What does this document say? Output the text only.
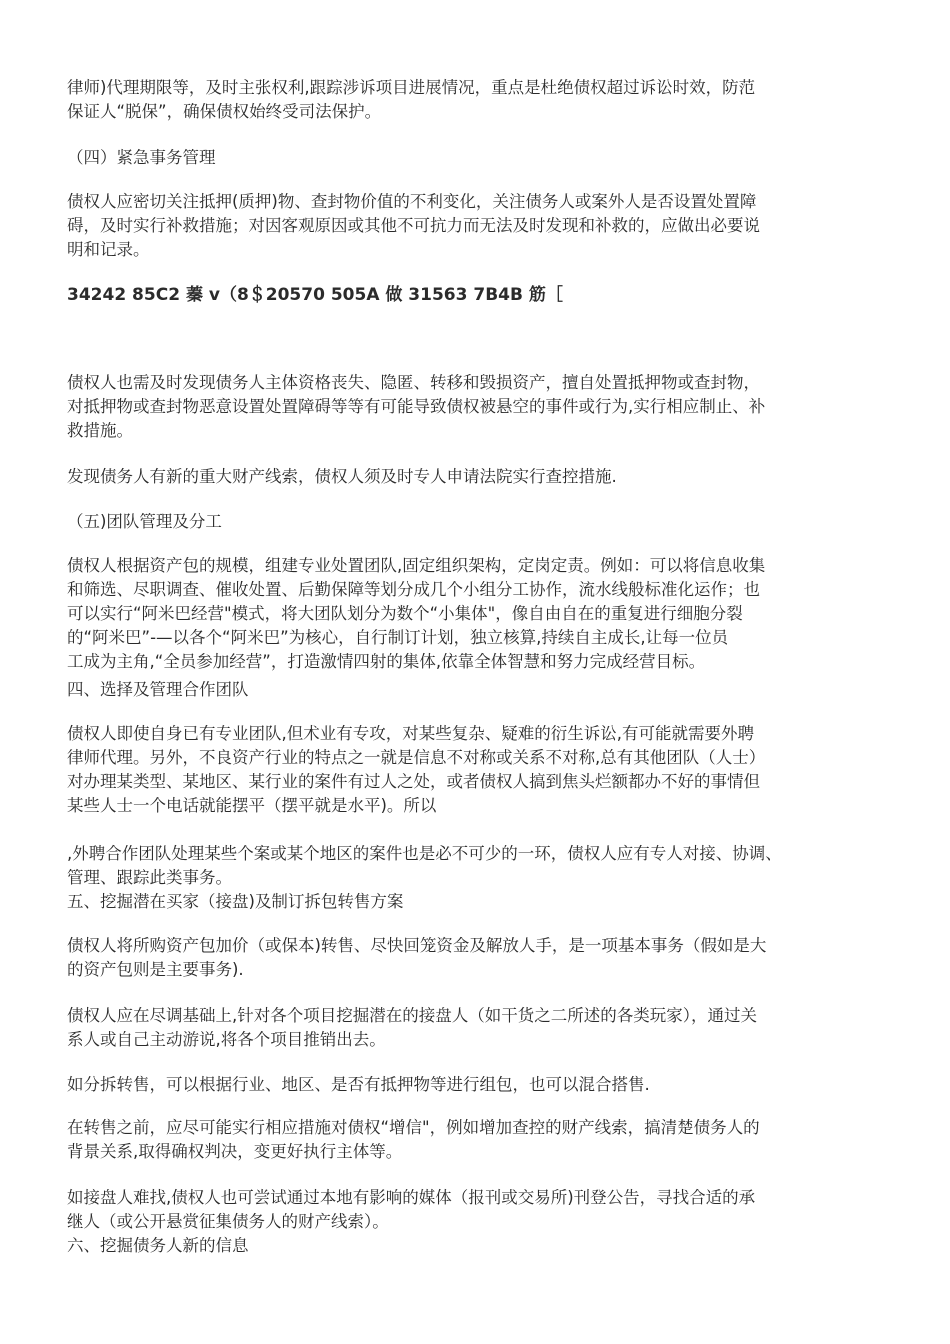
律师)代理期限等，及时主张权利,跟踪涉诉项目进展情况，重点是杜绝债权超过诉讼时效，防范
保证人“脱保”，确保债权始终受司法保护。
（四）紧急事务管理
债权人应密切关注抵押(质押)物、查封物价值的不利变化，关注债务人或案外人是否设置处置障
碍，及时实行补救措施；对因客观原因或其他不可抗力而无法及时发现和补救的，应做出必要说
明和记录。
34242 85C2 蓁 v（8＄20570 505A 做 31563 7B4B 筋［
债权人也需及时发现债务人主体资格丧失、隐匿、转移和毁损资产，擅自处置抵押物或查封物，
对抵押物或查封物恶意设置处置障碍等等有可能导致债权被悬空的事件或行为,实行相应制止、补
救措施。
发现债务人有新的重大财产线索，债权人须及时专人申请法院实行查控措施.
（五)团队管理及分工
债权人根据资产包的规模，组建专业处置团队,固定组织架构，定岗定责。例如：可以将信息收集
和筛选、尽职调查、催收处置、后勤保障等划分成几个小组分工协作，流水线般标准化运作；也
可以实行“阿米巴经营"模式，将大团队划分为数个“小集体"，像自由自在的重复进行细胞分裂
的“阿米巴”-—以各个“阿米巴”为核心，自行制订计划，独立核算,持续自主成长,让每一位员
工成为主角,“全员参加经营”，打造激情四射的集体,依靠全体智慧和努力完成经营目标。
四、选择及管理合作团队
债权人即使自身已有专业团队,但术业有专攻，对某些复杂、疑难的衍生诉讼,有可能就需要外聘
律师代理。另外，不良资产行业的特点之一就是信息不对称或关系不对称,总有其他团队（人士）
对办理某类型、某地区、某行业的案件有过人之处，或者债权人搞到焦头烂额都办不好的事情但
某些人士一个电话就能摆平（摆平就是水平)。所以
,外聘合作团队处理某些个案或某个地区的案件也是必不可少的一环，债权人应有专人对接、协调、
管理、跟踪此类事务。
五、挖掘潜在买家（接盘)及制订拆包转售方案
债权人将所购资产包加价（或保本)转售、尽快回笼资金及解放人手，是一项基本事务（假如是大
的资产包则是主要事务).
债权人应在尽调基础上,针对各个项目挖掘潜在的接盘人（如干货之二所述的各类玩家），通过关
系人或自己主动游说,将各个项目推销出去。
如分拆转售，可以根据行业、地区、是否有抵押物等进行组包，也可以混合搭售.
在转售之前，应尽可能实行相应措施对债权“增信"，例如增加查控的财产线索，搞清楚债务人的
背景关系,取得确权判决，变更好执行主体等。
如接盘人难找,债权人也可尝试通过本地有影响的媒体（报刊或交易所)刊登公告，寻找合适的承
继人（或公开悬赏征集债务人的财产线索）。
六、挖掘债务人新的信息
